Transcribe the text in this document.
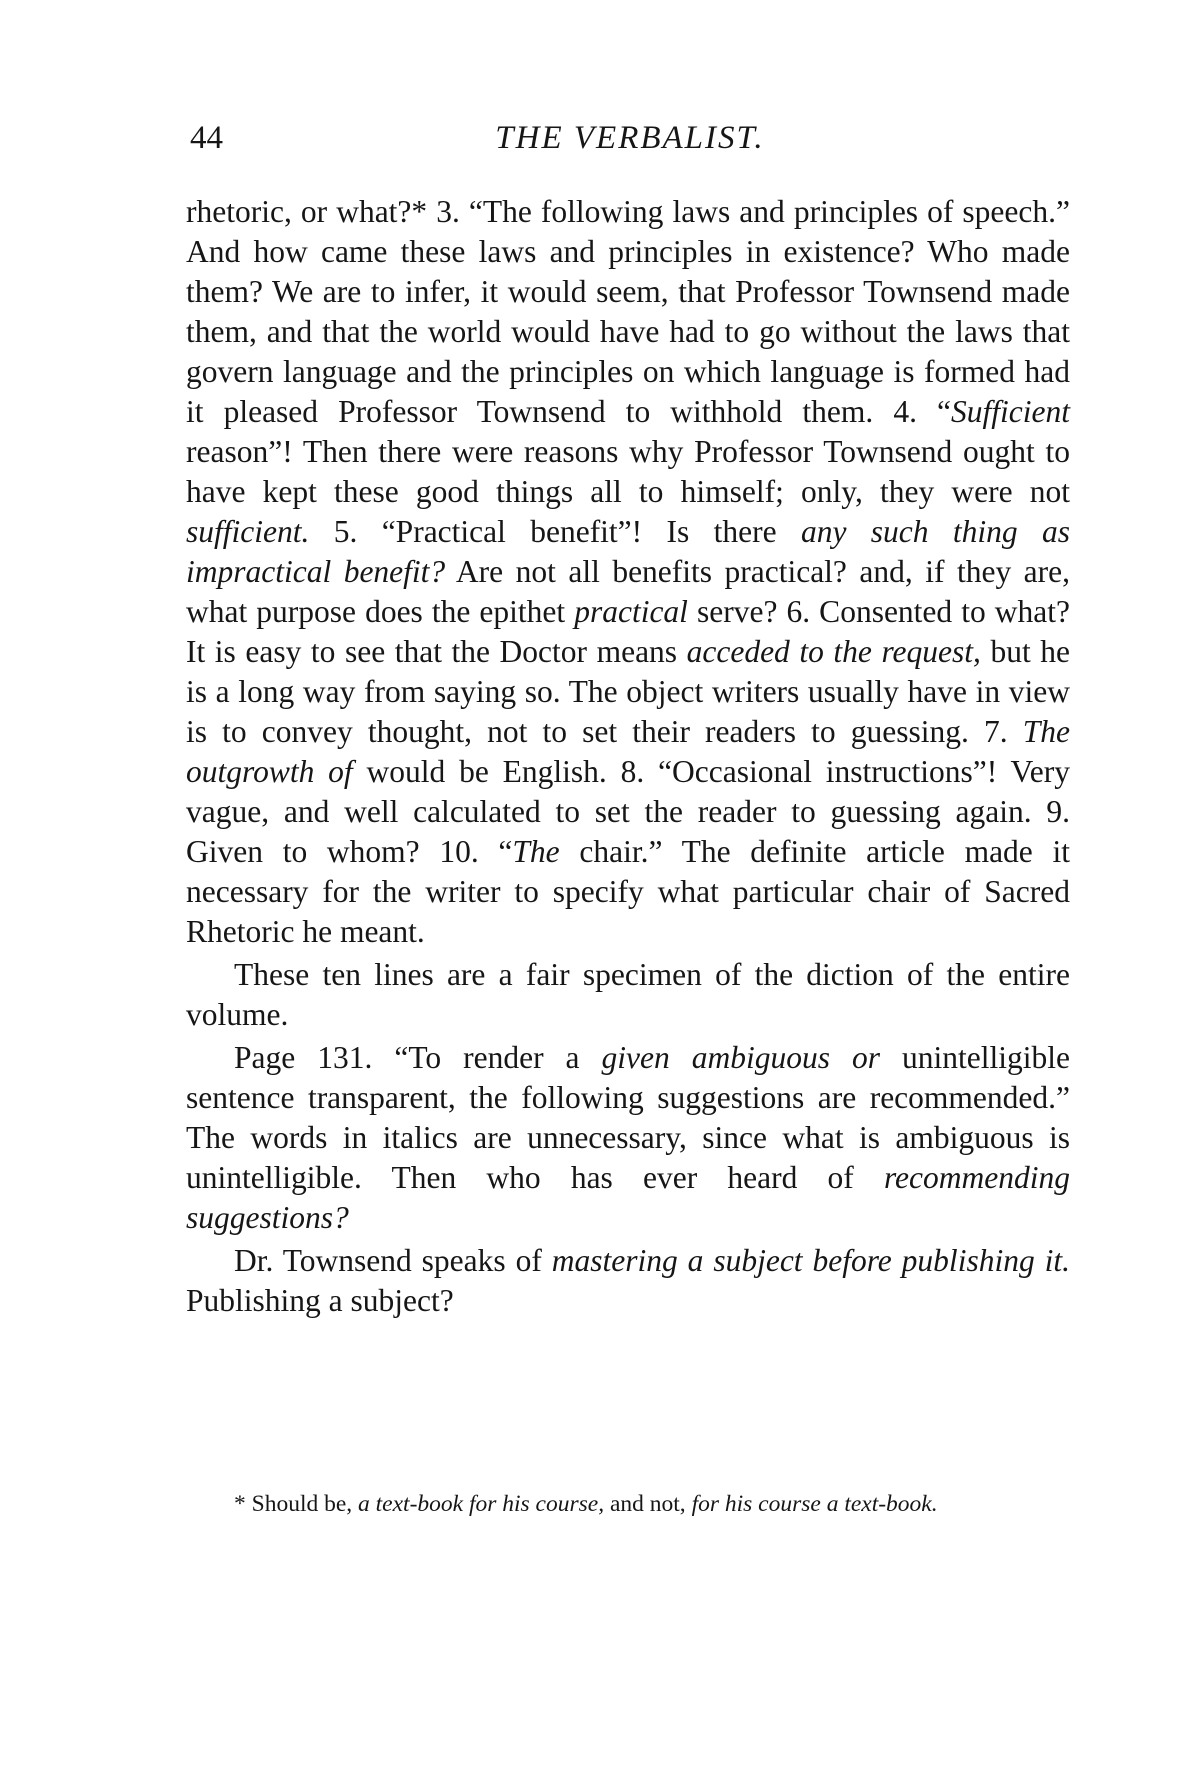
44	THE VERBALIST.

rhetoric, or what?* 3. “The following laws and principles of speech.” And how came these laws and principles in existence? Who made them? We are to infer, it would seem, that Professor Townsend made them, and that the world would have had to go without the laws that govern language and the principles on which language is formed had it pleased Professor Townsend to withhold them. 4. “Sufficient reason”! Then there were reasons why Professor Townsend ought to have kept these good things all to himself; only, they were not sufficient. 5. “Practical benefit”! Is there any such thing as impractical benefit? Are not all benefits practical? and, if they are, what purpose does the epithet practical serve? 6. Consented to what? It is easy to see that the Doctor means acceded to the request, but he is a long way from saying so. The object writers usually have in view is to convey thought, not to set their readers to guessing. 7. The outgrowth of would be English. 8. “Occasional instructions”! Very vague, and well calculated to set the reader to guessing again. 9. Given to whom? 10. “The chair.” The definite article made it necessary for the writer to specify what particular chair of Sacred Rhetoric he meant.

These ten lines are a fair specimen of the diction of the entire volume.

Page 131. “To render a given ambiguous or unintelligible sentence transparent, the following suggestions are recommended.” The words in italics are unnecessary, since what is ambiguous is unintelligible. Then who has ever heard of recommending suggestions?

Dr. Townsend speaks of mastering a subject before publishing it. Publishing a subject?

* Should be, a text-book for his course, and not, for his course a text-book.
